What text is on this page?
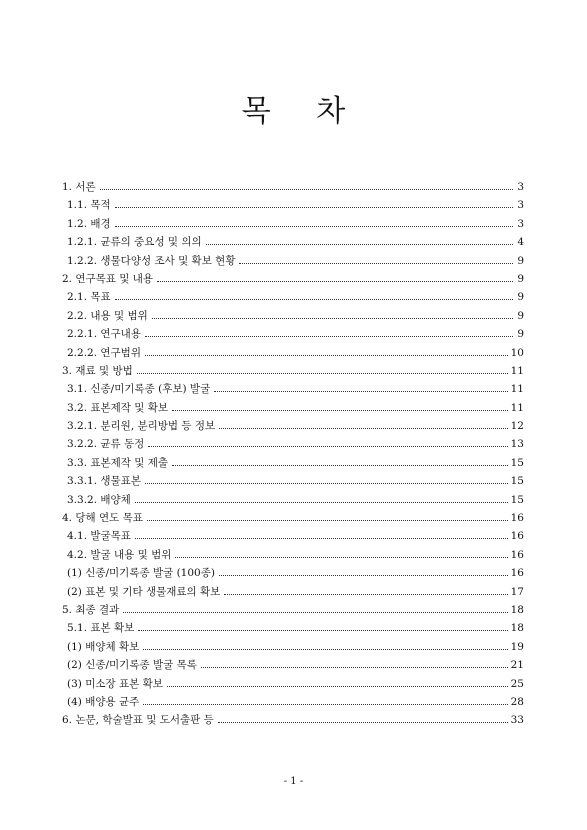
목 차
1. 서론	3
1.1. 목적	3
1.2. 배경	3
1.2.1. 균류의 중요성 및 의의	4
1.2.2. 생물다양성 조사 및 확보 현황	9
2. 연구목표 및 내용	9
2.1. 목표	9
2.2. 내용 및 범위	9
2.2.1. 연구내용	9
2.2.2. 연구범위	10
3. 재료 및 방법	11
3.1. 신종/미기록종 (후보) 발굴	11
3.2. 표본제작 및 확보	11
3.2.1. 분리원, 분리방법 등 정보	12
3.2.2. 균류 동정	13
3.3. 표본제작 및 제출	15
3.3.1. 생물표본	15
3.3.2. 배양체	15
4. 당해 연도 목표	16
4.1. 발굴목표	16
4.2. 발굴 내용 및 범위	16
(1) 신종/미기록종 발굴 (100종)	16
(2) 표본 및 기타 생물재료의 확보	17
5. 최종 결과	18
5.1. 표본 확보	18
(1) 배양체 확보	19
(2) 신종/미기록종 발굴 목록	21
(3) 미소장 표본 확보	25
(4) 배양용 균주	28
6. 논문, 학술발표 및 도서출판 등	33
- 1 -
